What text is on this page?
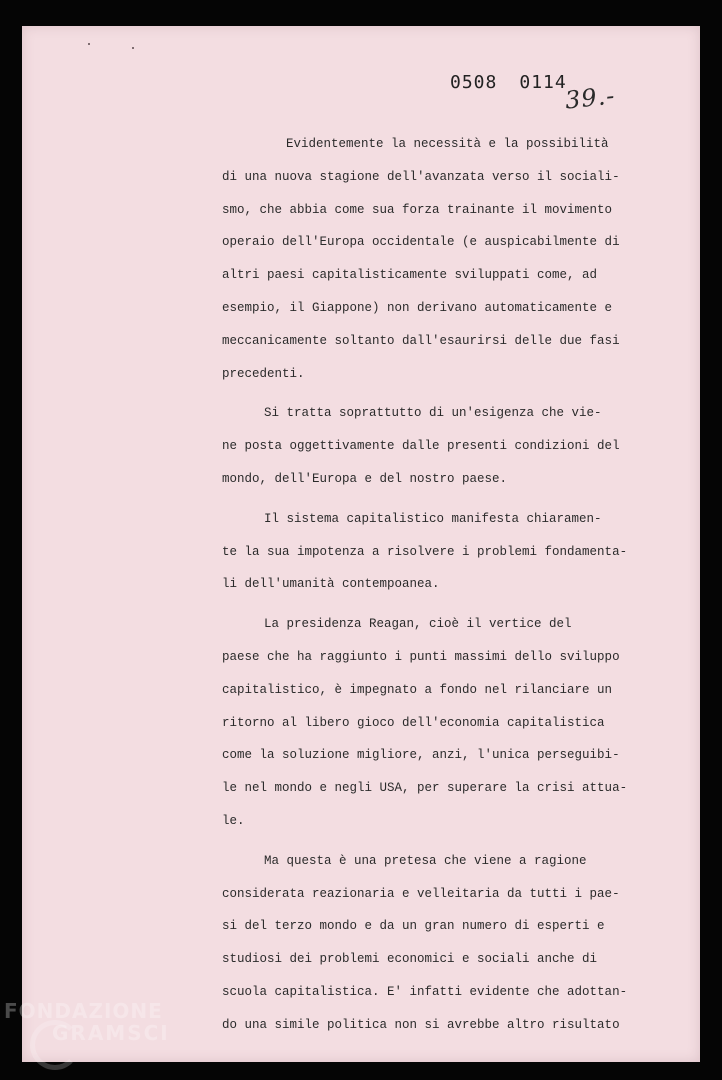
0508 0114
39.-
Evidentemente la necessità e la possibilità
di una nuova stagione dell'avanzata verso il sociali-
smo, che abbia come sua forza trainante il movimento
operaio dell'Europa occidentale (e auspicabilmente di
altri paesi capitalisticamente sviluppati come, ad
esempio, il Giappone) non derivano automaticamente e
meccanicamente soltanto dall'esaurirsi delle due fasi
precedenti.
Si tratta soprattutto di un'esigenza che vie-
ne posta oggettivamente dalle presenti condizioni del
mondo, dell'Europa e del nostro paese.
Il sistema capitalistico manifesta chiaramen-
te la sua impotenza a risolvere i problemi fondamenta-
li dell'umanità contempoanea.
La presidenza Reagan, cioè il vertice del
paese che ha raggiunto i punti massimi dello sviluppo
capitalistico, è impegnato a fondo nel rilanciare un
ritorno al libero gioco dell'economia capitalistica
come la soluzione migliore, anzi, l'unica perseguibi-
le nel mondo e negli USA, per superare la crisi attua-
le.
Ma questa è una pretesa che viene a ragione
considerata reazionaria e velleitaria da tutti i pae-
si del terzo mondo e da un gran numero di esperti e
studiosi dei problemi economici e sociali anche di
scuola capitalistica. E' infatti evidente che adottan-
do una simile politica non si avrebbe altro risultato
FONDAZIONE
GRAMSCI
